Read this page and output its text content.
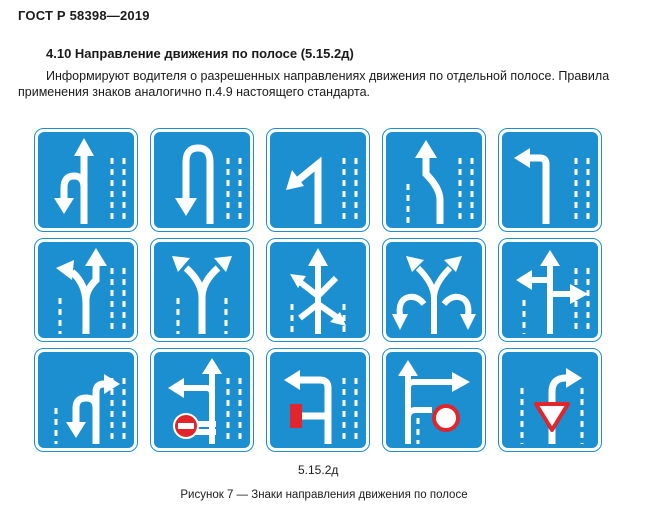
ГОСТ Р 58398—2019
4.10 Направление движения по полосе (5.15.2д)
Информируют водителя о разрешенных направлениях движения по отдельной полосе. Правила
применения знаков аналогично п.4.9 настоящего стандарта.
5.15.2д
Рисунок 7 — Знаки направления движения по полосе
